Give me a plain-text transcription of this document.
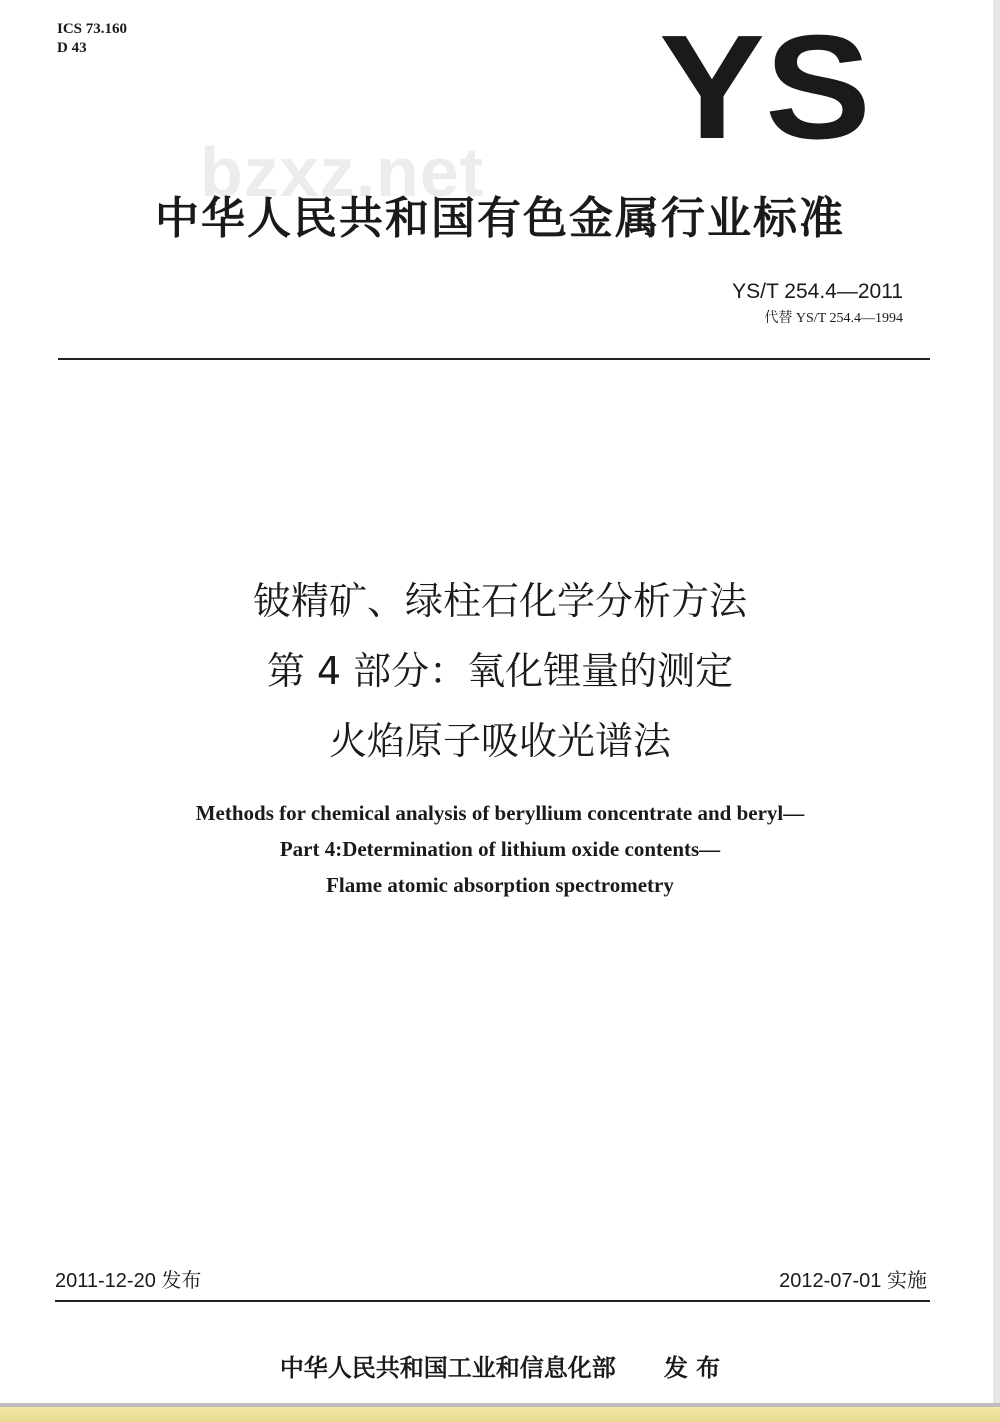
ICS 73.160
D 43	YS
bzxz.net
中华人民共和国有色金属行业标准
YS/T 254.4—2011
代替 YS/T 254.4—1994
铍精矿、绿柱石化学分析方法
第 4 部分：氧化锂量的测定
火焰原子吸收光谱法
Methods for chemical analysis of beryllium concentrate and beryl—
Part 4:Determination of lithium oxide contents—
Flame atomic absorption spectrometry
2011-12-20 发布	2012-07-01 实施
中华人民共和国工业和信息化部 发 布
